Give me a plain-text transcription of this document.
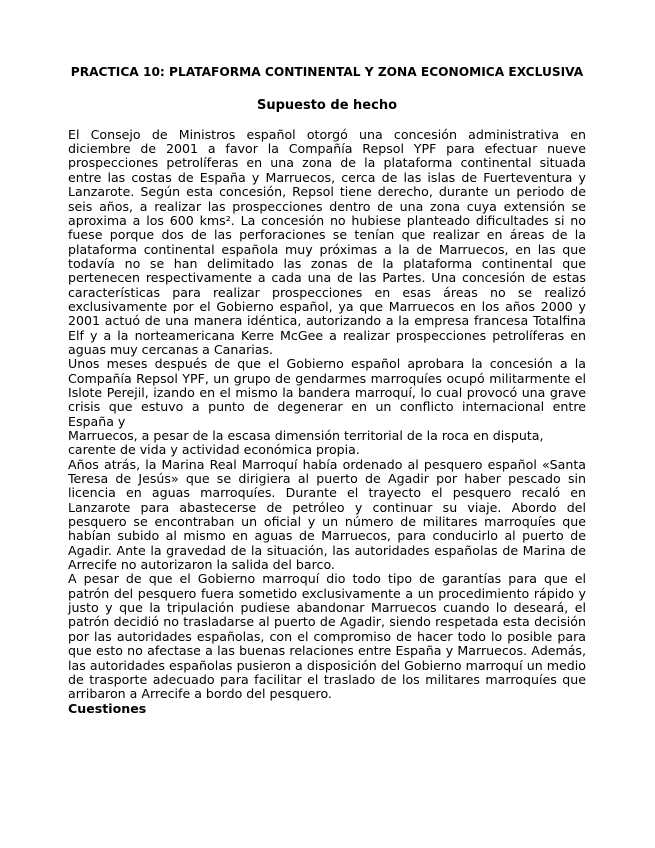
PRACTICA 10: PLATAFORMA CONTINENTAL Y ZONA ECONOMICA EXCLUSIVA
Supuesto de hecho

El Consejo de Ministros español otorgó una concesión administrativa en diciembre de 2001 a favor la Compañía Repsol YPF para efectuar nueve prospecciones petrolíferas en una zona de la plataforma continental situada entre las costas de España y Marruecos, cerca de las islas de Fuerteventura y Lanzarote. Según esta concesión, Repsol tiene derecho, durante un periodo de seis años, a realizar las prospecciones dentro de una zona cuya extensión se aproxima a los 600 kms². La concesión no hubiese planteado dificultades si no fuese porque dos de las perforaciones se tenían que realizar en áreas de la plataforma continental española muy próximas a la de Marruecos, en las que todavía no se han delimitado las zonas de la plataforma continental que pertenecen respectivamente a cada una de las Partes. Una concesión de estas características para realizar prospecciones en esas áreas no se realizó exclusivamente por el Gobierno español, ya que Marruecos en los años 2000 y 2001 actuó de una manera idéntica, autorizando a la empresa francesa Totalfina Elf y a la norteamericana Kerre McGee a realizar prospecciones petrolíferas en aguas muy cercanas a Canarias.

Unos meses después de que el Gobierno español aprobara la concesión a la Compañía Repsol YPF, un grupo de gendarmes marroquíes ocupó militarmente el Islote Perejil, izando en el mismo la bandera marroquí, lo cual provocó una grave crisis que estuvo a punto de degenerar en un conflicto internacional entre España y

Marruecos, a pesar de la escasa dimensión territorial de la roca en disputa, carente de vida y actividad económica propia.

Años atrás, la Marina Real Marroquí había ordenado al pesquero español «Santa Teresa de Jesús» que se dirigiera al puerto de Agadir por haber pescado sin licencia en aguas marroquíes. Durante el trayecto el pesquero recaló en Lanzarote para abastecerse de petróleo y continuar su viaje. Abordo del pesquero se encontraban un oficial y un número de militares marroquíes que habían subido al mismo en aguas de Marruecos, para conducirlo al puerto de Agadir. Ante la gravedad de la situación, las autoridades españolas de Marina de Arrecife no autorizaron la salida del barco.

A pesar de que el Gobierno marroquí dio todo tipo de garantías para que el patrón del pesquero fuera sometido exclusivamente a un procedimiento rápido y justo y que la tripulación pudiese abandonar Marruecos cuando lo deseará, el patrón decidió no trasladarse al puerto de Agadir, siendo respetada esta decisión por las autoridades españolas, con el compromiso de hacer todo lo posible para que esto no afectase a las buenas relaciones entre España y Marruecos. Además, las autoridades españolas pusieron a disposición del Gobierno marroquí un medio de trasporte adecuado para facilitar el traslado de los militares marroquíes que arribaron a Arrecife a bordo del pesquero.

Cuestiones
